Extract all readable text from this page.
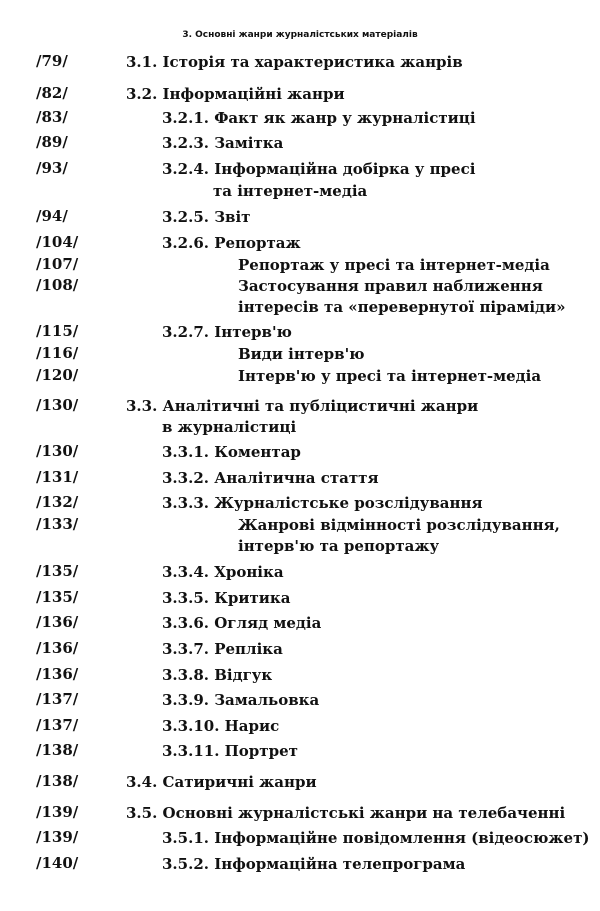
3. Основні жанри журналістських матеріалів
/79/	3.1. Історія та характеристика жанрів
/82/	3.2. Інформаційні жанри
/83/	3.2.1. Факт як жанр у журналістиці
/89/	3.2.3. Замітка
/93/	3.2.4. Інформаційна добірка у пресі
та інтернет-медіа
/94/	3.2.5. Звіт
/104/	3.2.6. Репортаж
/107/	Репортаж у пресі та інтернет-медіа
/108/	Застосування правил наближення
інтересів та «перевернутої піраміди»
/115/	3.2.7. Інтерв'ю
/116/	Види інтерв'ю
/120/	Інтерв'ю у пресі та інтернет-медіа
/130/	3.3. Аналітичні та публіцистичні жанри
в журналістиці
/130/	3.3.1. Коментар
/131/	3.3.2. Аналітична стаття
/132/	3.3.3. Журналістське розслідування
/133/	Жанрові відмінності розслідування,
інтерв'ю та репортажу
/135/	3.3.4. Хроніка
/135/	3.3.5. Критика
/136/	3.3.6. Огляд медіа
/136/	3.3.7. Репліка
/136/	3.3.8. Відгук
/137/	3.3.9. Замальовка
/137/	3.3.10. Нарис
/138/	3.3.11. Портрет
/138/	3.4. Сатиричні жанри
/139/	3.5. Основні журналістські жанри на телебаченні
/139/	3.5.1. Інформаційне повідомлення (відеосюжет)
/140/	3.5.2. Інформаційна телепрограма
